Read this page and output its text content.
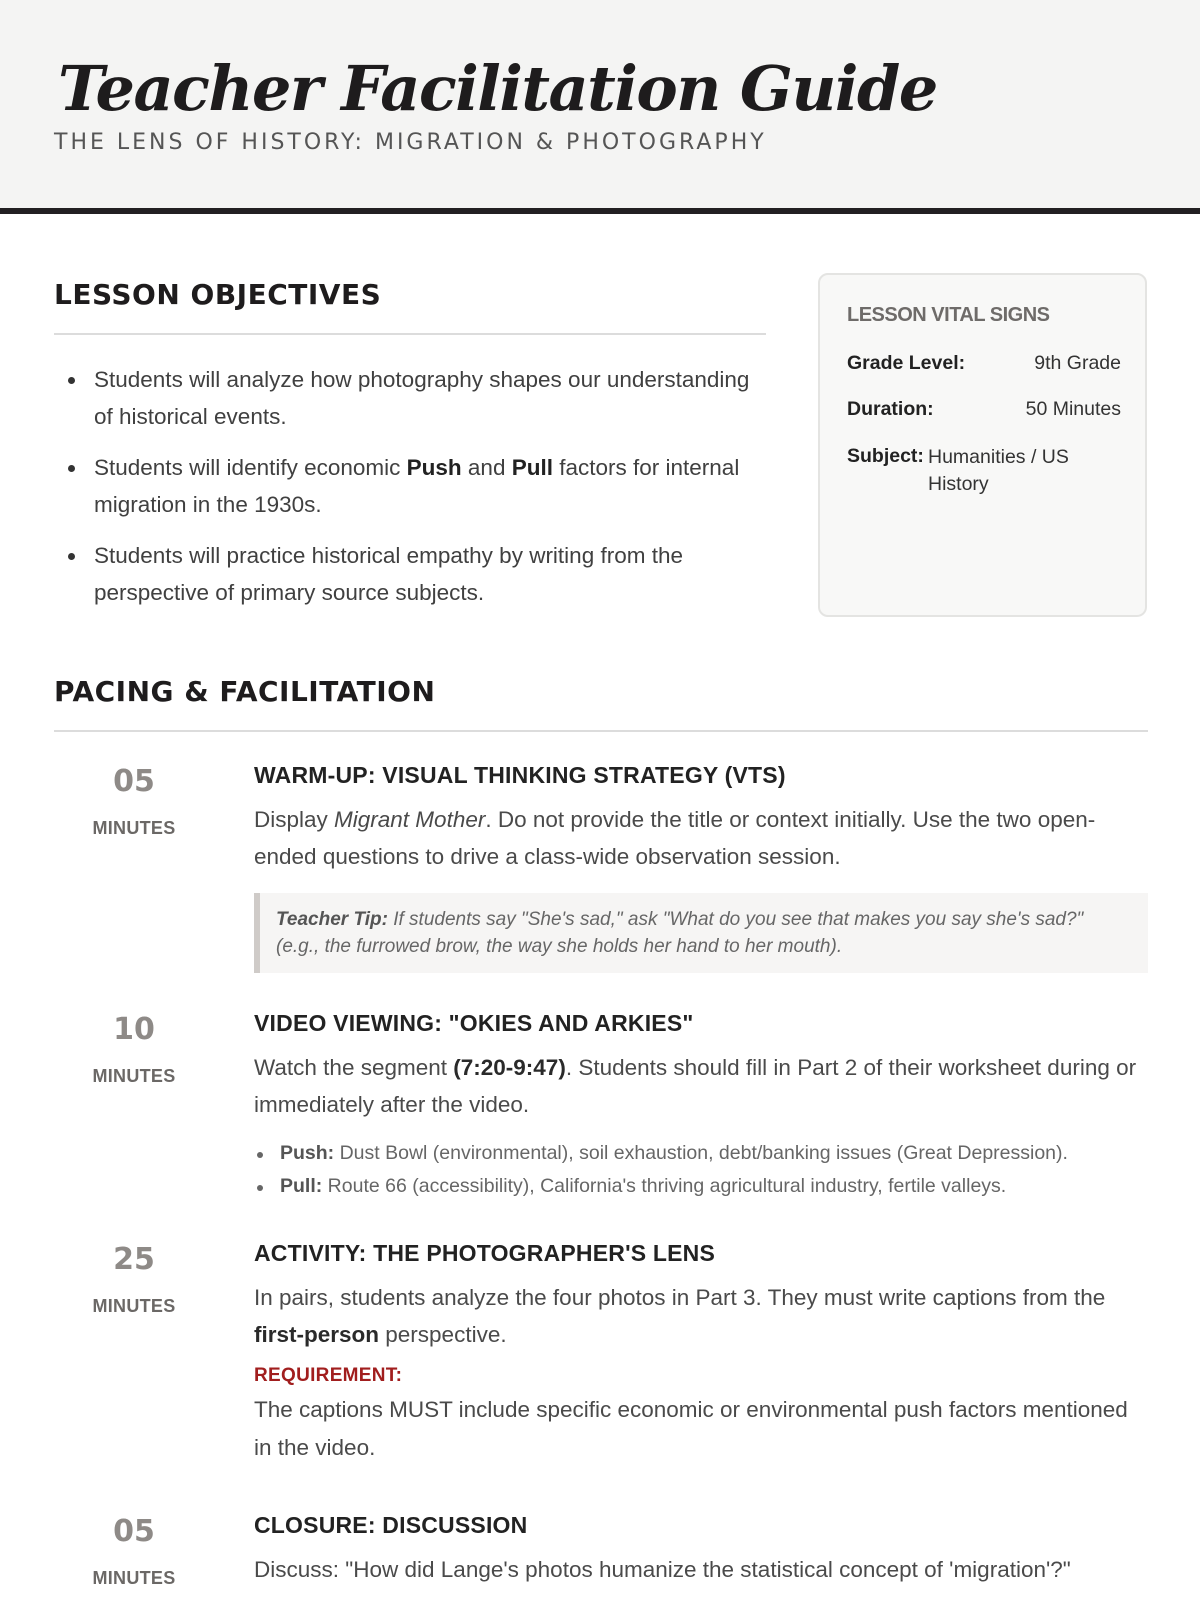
Teacher Facilitation Guide
THE LENS OF HISTORY: MIGRATION & PHOTOGRAPHY
LESSON OBJECTIVES
Students will analyze how photography shapes our understanding of historical events.
Students will identify economic Push and Pull factors for internal migration in the 1930s.
Students will practice historical empathy by writing from the perspective of primary source subjects.
LESSON VITAL SIGNS
Grade Level:	9th Grade
Duration:	50 Minutes
Subject: Humanities / US History
PACING & FACILITATION
05
MINUTES
WARM-UP: VISUAL THINKING STRATEGY (VTS)
Display Migrant Mother. Do not provide the title or context initially. Use the two open-ended questions to drive a class-wide observation session.
Teacher Tip: If students say "She's sad," ask "What do you see that makes you say she's sad?" (e.g., the furrowed brow, the way she holds her hand to her mouth).
10
MINUTES
VIDEO VIEWING: "OKIES AND ARKIES"
Watch the segment (7:20-9:47). Students should fill in Part 2 of their worksheet during or immediately after the video.
Push: Dust Bowl (environmental), soil exhaustion, debt/banking issues (Great Depression).
Pull: Route 66 (accessibility), California's thriving agricultural industry, fertile valleys.
25
MINUTES
ACTIVITY: THE PHOTOGRAPHER'S LENS
In pairs, students analyze the four photos in Part 3. They must write captions from the first-person perspective.
REQUIREMENT:
The captions MUST include specific economic or environmental push factors mentioned in the video.
05
MINUTES
CLOSURE: DISCUSSION
Discuss: "How did Lange's photos humanize the statistical concept of 'migration'?"
